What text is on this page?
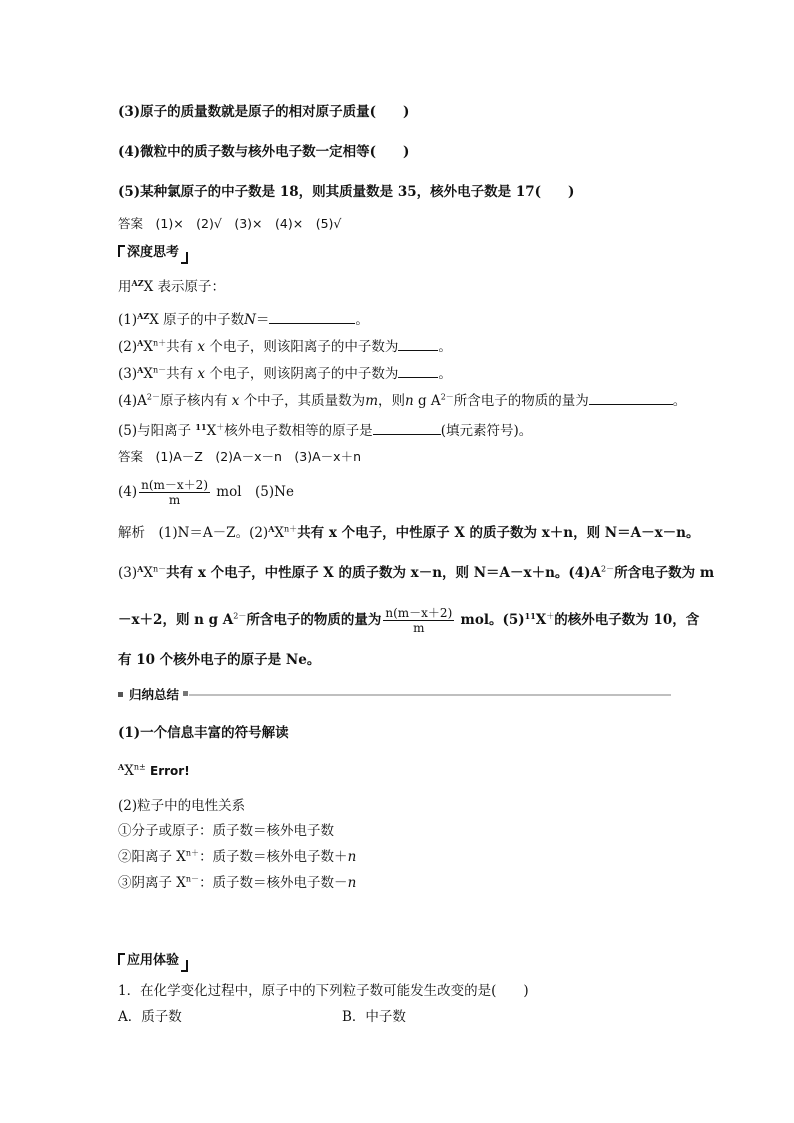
(3)原子的质量数就是原子的相对原子质量(　　)
(4)微粒中的质子数与核外电子数一定相等(　　)
(5)某种氯原子的中子数是 18，则其质量数是 35，核外电子数是 17(　　)
答案　(1)×　(2)√　(3)×　(4)×　(5)√
深度思考
用$^{AZ}$X 表示原子：
$(1)^{AZ}X$ 原子的中子数N＝	。
$(2)^AX^{n+}$共有 x 个电子，则该阳离子的中子数为	。
$(3)^AX^{n-}$共有 x 个电子，则该阴离子的中子数为	。
$(4)A^{2-}$原子核内有 x 个中子，其质量数为m，则n g $A^{2-}$所含电子的物质的量为	。
(5)与阳离子 $^{11}$X＋核外电子数相等的原子是	(填元素符号)。
答案　 (1)A－Z　(2)A－x－n　(3)A－x＋n
$(4) \frac{n(m-x+2)}{m}$ mol　(5)Ne
解析　(1)N＝A－Z。$(2)^AX^{n+}$共有 x 个电子，中性原子 X 的质子数为 x＋n，则 N＝A－x－n。
$(3)^AX^{n-}$共有 x 个电子，中性原子 X 的质子数为 x－n，则 N＝A－x＋n。$(4)A^{2-}$所含电子数为 m
－x＋2，则 n g $A^{2-}$所含电子的物质的量为 $\frac{n(m-x+2)}{m}$ mol。$(5)^{11}X^+$的核外电子数为 10，含
有 10 个核外电子的原子是 Ne。
归纳总结
(1)一个信息丰富的符号解读
$^AX^{n\pm}$ Error!
(2)粒子中的电性关系
①分子或原子：质子数＝核外电子数
②阳离子 $X^{n+}$：质子数＝核外电子数＋n
③阴离子 $X^{n-}$：质子数＝核外电子数－n
应用体验
1．在化学变化过程中，原子中的下列粒子数可能发生改变的是(　　)
A．质子数	B．中子数
